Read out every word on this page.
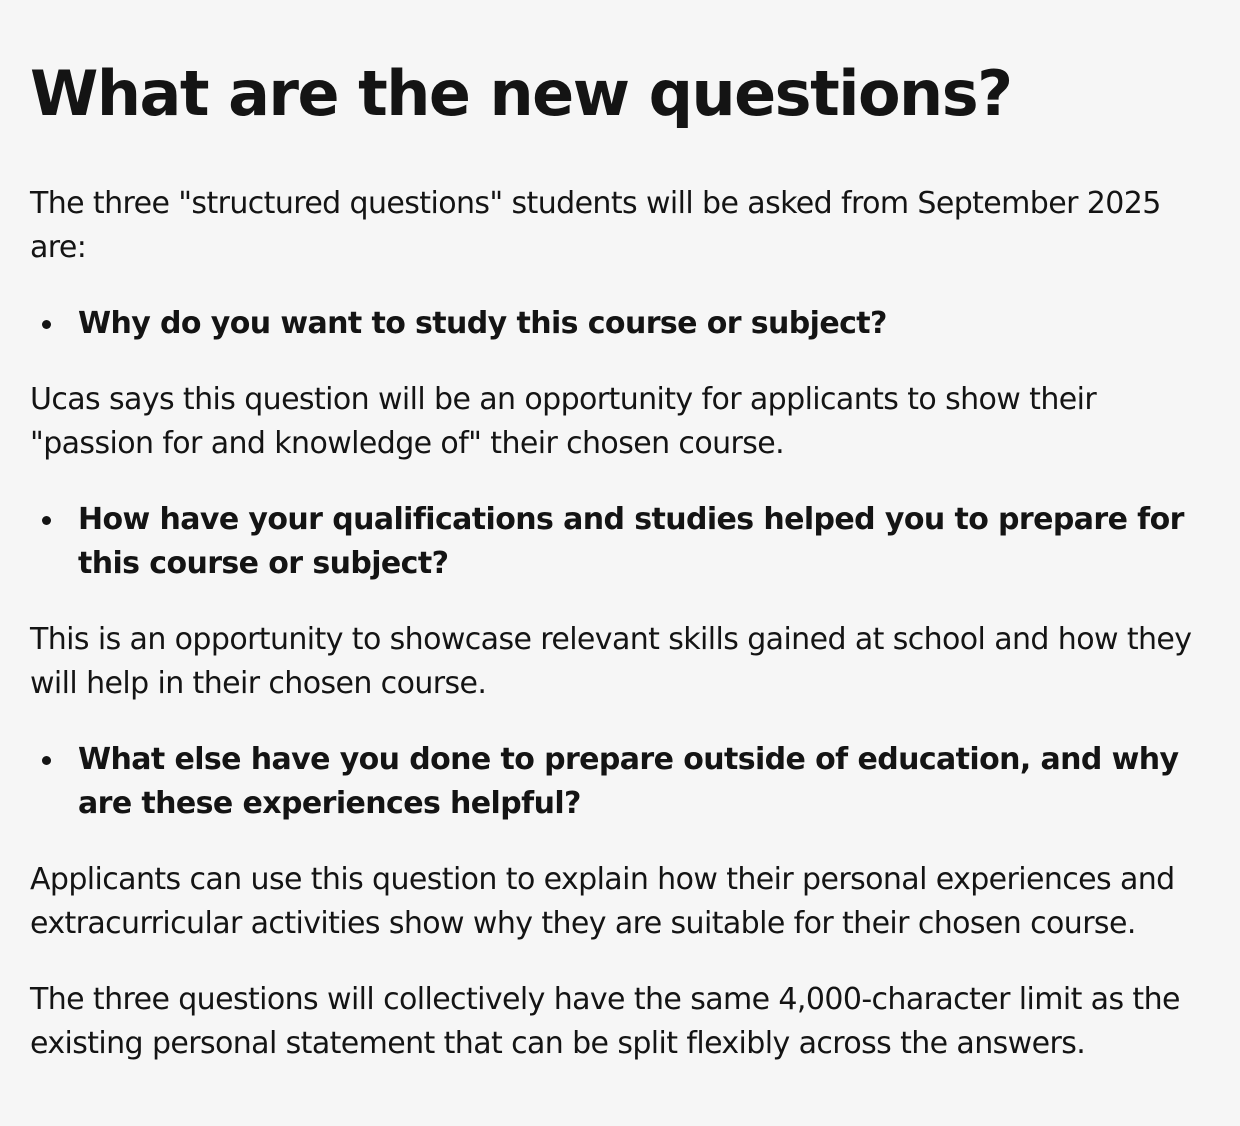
What are the new questions?

The three "structured questions" students will be asked from September 2025 are:

Why do you want to study this course or subject?

Ucas says this question will be an opportunity for applicants to show their "passion for and knowledge of" their chosen course.

How have your qualifications and studies helped you to prepare for this course or subject?

This is an opportunity to showcase relevant skills gained at school and how they will help in their chosen course.

What else have you done to prepare outside of education, and why are these experiences helpful?

Applicants can use this question to explain how their personal experiences and extracurricular activities show why they are suitable for their chosen course.

The three questions will collectively have the same 4,000-character limit as the existing personal statement that can be split flexibly across the answers.
